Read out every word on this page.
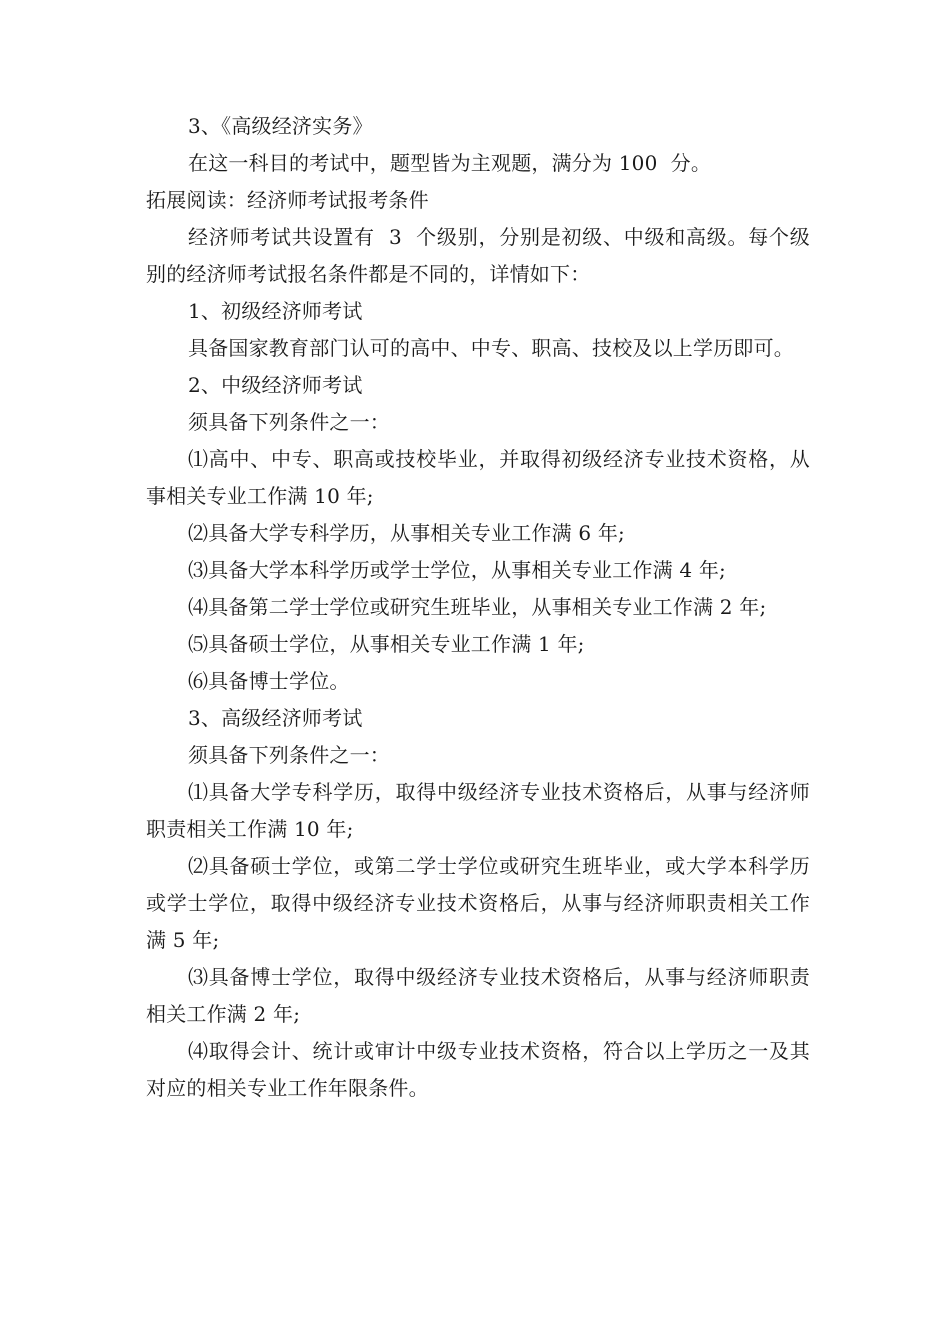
3、《高级经济实务》

在这一科目的考试中，题型皆为主观题，满分为 100  分。

拓展阅读：经济师考试报考条件

经济师考试共设置有  3  个级别，分别是初级、中级和高级。每个级别的经济师考试报名条件都是不同的，详情如下：

1、初级经济师考试

具备国家教育部门认可的高中、中专、职高、技校及以上学历即可。

2、中级经济师考试

须具备下列条件之一：

⑴高中、中专、职高或技校毕业，并取得初级经济专业技术资格，从事相关专业工作满 10 年;

⑵具备大学专科学历，从事相关专业工作满 6 年;

⑶具备大学本科学历或学士学位，从事相关专业工作满 4 年;

⑷具备第二学士学位或研究生班毕业，从事相关专业工作满 2 年;

⑸具备硕士学位，从事相关专业工作满 1 年;

⑹具备博士学位。

3、高级经济师考试

须具备下列条件之一：

⑴具备大学专科学历，取得中级经济专业技术资格后，从事与经济师职责相关工作满 10 年;

⑵具备硕士学位，或第二学士学位或研究生班毕业，或大学本科学历或学士学位，取得中级经济专业技术资格后，从事与经济师职责相关工作满 5 年;

⑶具备博士学位，取得中级经济专业技术资格后，从事与经济师职责相关工作满 2 年;

⑷取得会计、统计或审计中级专业技术资格，符合以上学历之一及其对应的相关专业工作年限条件。
